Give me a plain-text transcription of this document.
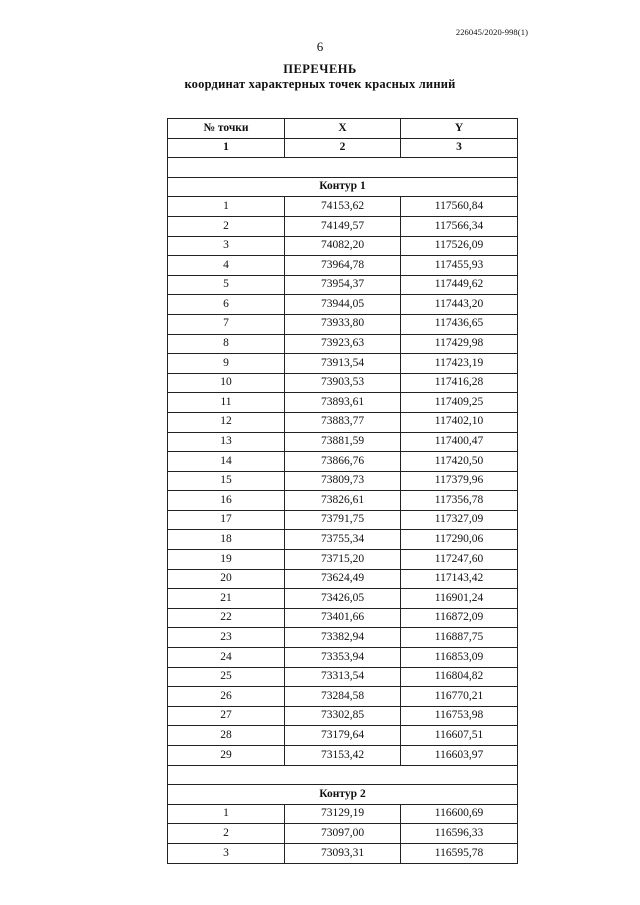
226045/2020-998(1)
6
ПЕРЕЧЕНЬ
координат характерных точек красных линий
№ точки	X	Y
1	2	3

Контур 1		
1	74153,62	117560,84
2	74149,57	117566,34
3	74082,20	117526,09
4	73964,78	117455,93
5	73954,37	117449,62
6	73944,05	117443,20
7	73933,80	117436,65
8	73923,63	117429,98
9	73913,54	117423,19
10	73903,53	117416,28
11	73893,61	117409,25
12	73883,77	117402,10
13	73881,59	117400,47
14	73866,76	117420,50
15	73809,73	117379,96
16	73826,61	117356,78
17	73791,75	117327,09
18	73755,34	117290,06
19	73715,20	117247,60
20	73624,49	117143,42
21	73426,05	116901,24
22	73401,66	116872,09
23	73382,94	116887,75
24	73353,94	116853,09
25	73313,54	116804,82
26	73284,58	116770,21
27	73302,85	116753,98
28	73179,64	116607,51
29	73153,42	116603,97

Контур 2		
1	73129,19	116600,69
2	73097,00	116596,33
3	73093,31	116595,78
